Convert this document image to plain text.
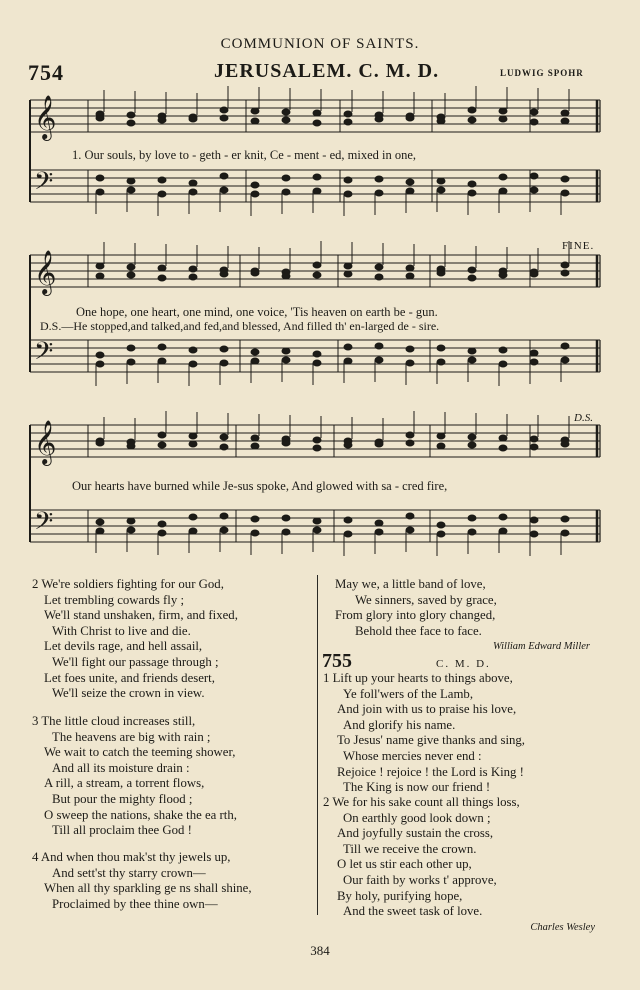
COMMUNION OF SAINTS.
754	JERUSALEM. C. M. D.	LUDWIG SPOHR
𝄞
𝄢
𝄞
𝄢
𝄞
𝄢
1. Our souls, by love to - geth - er knit, Ce - ment - ed, mixed in one,
One hope, one heart, one mind, one voice, 'Tis heaven on earth be - gun.
D.S.—He stopped,and talked,and fed,and blessed, And filled th' en-larged de - sire.
Our hearts have burned while Je-sus spoke, And glowed with sa - cred fire,
FINE.
D.S.
2 We're soldiers fighting for our God,
Let trembling cowards fly ;
We'll stand unshaken, firm, and fixed,
With Christ to live and die.
Let devils rage, and hell assail,
We'll fight our passage through ;
Let foes unite, and friends desert,
We'll seize the crown in view.
3 The little cloud increases still,
The heavens are big with rain ;
We wait to catch the teeming shower,
And all its moisture drain :
A rill, a stream, a torrent flows,
But pour the mighty flood ;
O sweep the nations, shake the ea rth,
Till all proclaim thee God !
4 And when thou mak'st thy jewels up,
And sett'st thy starry crown—
When all thy sparkling ge ns shall shine,
Proclaimed by thee thine own—
May we, a little band of love,
We sinners, saved by grace,
From glory into glory changed,
Behold thee face to face.
William Edward Miller
755	C. M. D.
1 Lift up your hearts to things above,
Ye foll'wers of the Lamb,
And join with us to praise his love,
And glorify his name.
To Jesus' name give thanks and sing,
Whose mercies never end :
Rejoice ! rejoice ! the Lord is King !
The King is now our friend !
2 We for his sake count all things loss,
On earthly good look down ;
And joyfully sustain the cross,
Till we receive the crown.
O let us stir each other up,
Our faith by works t' approve,
By holy, purifying hope,
And the sweet task of love.
Charles Wesley
384
